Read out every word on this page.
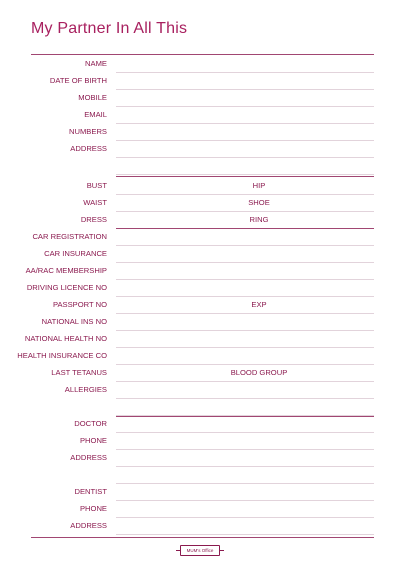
My Partner In All This
NAME
DATE OF BIRTH
MOBILE
EMAIL
NUMBERS
ADDRESS
BUST	HIP
WAIST	SHOE
DRESS	RING
CAR REGISTRATION
CAR INSURANCE
AA/RAC MEMBERSHIP
DRIVING LICENCE NO
PASSPORT NO	EXP
NATIONAL INS NO
NATIONAL HEALTH NO
HEALTH INSURANCE CO
LAST TETANUS	BLOOD GROUP
ALLERGIES
DOCTOR
PHONE
ADDRESS
DENTIST
PHONE
ADDRESS
MUM's Office
